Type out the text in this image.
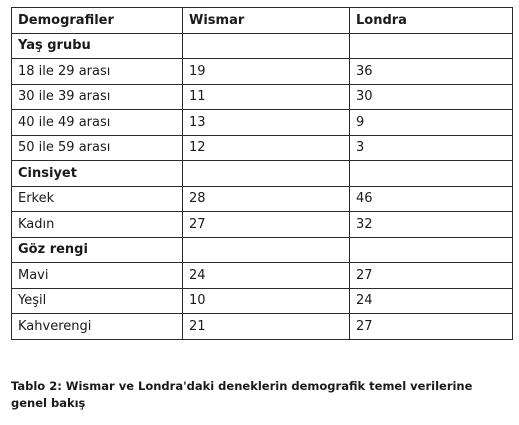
Demografiler	Wismar	Londra
Yaş grubu		
18 ile 29 arası	19	36
30 ile 39 arası	11	30
40 ile 49 arası	13	9
50 ile 59 arası	12	3
Cinsiyet		
Erkek	28	46
Kadın	27	32
Göz rengi		
Mavi	24	27
Yeşil	10	24
Kahverengi	21	27
Tablo 2: Wismar ve Londra'daki deneklerin demografik temel verilerine genel bakış
